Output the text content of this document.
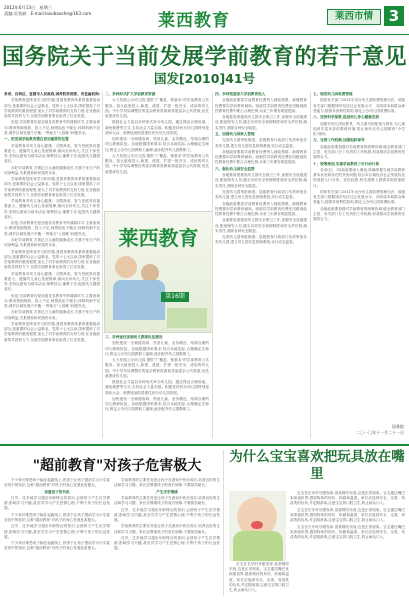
2012年6月13日　星期三
责编:吴英斌　E-mail:laixibaoshe@163.com	莱西教育	莱西市情	3
国务院关于当前发展学前教育的若干意见
国发[2010]41号

各省、自治区、直辖市人民政府,国务院各部委、各直属机构:

学前教育是终身学习的开端,是国民教育体系的重要组成部分,是重要的社会公益事业。党的十七大以来,国家提高了对学前教育的重视程度,加大了对学前教育的支持力度,在各级政府的共同努力下,全国学前教育事业取得了长足发展。

但是,学前教育仍是各级各类教育中的薄弱环节,主要表现为:教育资源短缺、投入不足,师资队伍不健全,体制机制不完善,城乡区域发展不平衡,一些地方"入园难"问题突出。

一、把发展学前教育摆在更加重要的位置

学前教育对幼儿身心健康、习惯养成、智力发展具有重要意义。遵循幼儿身心发展规律,面向全体幼儿,关注个体差异,坚持以游戏为基本活动,保教结合,寓教于乐,促进幼儿健康成长。

办好学前教育,关系亿万儿童的健康成长,关系千家万户的切身利益,关系国家和民族的未来。

学前教育是终身学习的开端,是国民教育体系的重要组成部分,是重要的社会公益事业。党的十七大以来,国家提高了对学前教育的重视程度,加大了对学前教育的支持力度,在各级政府的共同努力下,全国学前教育事业取得了长足发展。

学前教育对幼儿身心健康、习惯养成、智力发展具有重要意义。遵循幼儿身心发展规律,面向全体幼儿,关注个体差异,坚持以游戏为基本活动,保教结合,寓教于乐,促进幼儿健康成长。

但是,学前教育仍是各级各类教育中的薄弱环节,主要表现为:教育资源短缺、投入不足,师资队伍不健全,体制机制不完善,城乡区域发展不平衡,一些地方"入园难"问题突出。

办好学前教育,关系亿万儿童的健康成长,关系千家万户的切身利益,关系国家和民族的未来。

学前教育是终身学习的开端,是国民教育体系的重要组成部分,是重要的社会公益事业。党的十七大以来,国家提高了对学前教育的重视程度,加大了对学前教育的支持力度,在各级政府的共同努力下,全国学前教育事业取得了长足发展。

学前教育对幼儿身心健康、习惯养成、智力发展具有重要意义。遵循幼儿身心发展规律,面向全体幼儿,关注个体差异,坚持以游戏为基本活动,保教结合,寓教于乐,促进幼儿健康成长。

但是,学前教育仍是各级各类教育中的薄弱环节,主要表现为:教育资源短缺、投入不足,师资队伍不健全,体制机制不完善,城乡区域发展不平衡,一些地方"入园难"问题突出。

办好学前教育,关系亿万儿童的健康成长,关系千家万户的切身利益,关系国家和民族的未来。

学前教育是终身学习的开端,是国民教育体系的重要组成部分,是重要的社会公益事业。党的十七大以来,国家提高了对学前教育的重视程度,加大了对学前教育的支持力度,在各级政府的共同努力下,全国学前教育事业取得了长足发展。

二、多种形式扩大学前教育资源

大力发展公办幼儿园,提供"广覆盖、保基本"的学前教育公共服务。加大政府投入,新建、改建、扩建一批安全、适用的幼儿园。中小学布局调整后的富余教育资源和其他富余公共资源,优先改建成幼儿园。

鼓励社会力量以多种形式举办幼儿园。通过保证合理用地、减免税费等方式,支持社会力量办园。积极扶持民办幼儿园特别是面向大众、收费较低的普惠性民办幼儿园发展。

加快建设一支师德高尚、热爱儿童、业务精良、结构合理的幼儿教师队伍。各地根据国家要求,结合本地实际,合理确定生师比,核定公办幼儿园教职工编制,逐步配齐幼儿园教职工。

大力发展公办幼儿园,提供"广覆盖、保基本"的学前教育公共服务。加大政府投入,新建、改建、扩建一批安全、适用的幼儿园。中小学布局调整后的富余教育资源和其他富余公共资源,优先改建成幼儿园。

莱西教育
第16期

三、多种途径加强幼儿教师队伍建设

加快建设一支师德高尚、热爱儿童、业务精良、结构合理的幼儿教师队伍。各地根据国家要求,结合本地实际,合理确定生师比,核定公办幼儿园教职工编制,逐步配齐幼儿园教职工。

大力发展公办幼儿园,提供"广覆盖、保基本"的学前教育公共服务。加大政府投入,新建、改建、扩建一批安全、适用的幼儿园。中小学布局调整后的富余教育资源和其他富余公共资源,优先改建成幼儿园。

鼓励社会力量以多种形式举办幼儿园。通过保证合理用地、减免税费等方式,支持社会力量办园。积极扶持民办幼儿园特别是面向大众、收费较低的普惠性民办幼儿园发展。

加快建设一支师德高尚、热爱儿童、业务精良、结构合理的幼儿教师队伍。各地根据国家要求,结合本地实际,合理确定生师比,核定公办幼儿园教职工编制,逐步配齐幼儿园教职工。

四、多种渠道加大学前教育投入

各级政府要将学前教育经费列入财政预算。新增教育经费要向学前教育倾斜。财政性学前教育经费在同级财政性教育经费中要占合理比例,未来三年要有明显提高。

各地要高度重视幼儿园安全保卫工作,加强安全设施建设,配备保安人员,健全各项安全管理制度和安全责任制,落实责任,消除各种安全隐患。

五、加强幼儿园准入管理

完善幼儿园审批制度。县级教育行政部门负责审批各类幼儿园,建立幼儿园信息管理系统,实行动态监管。

各级政府要将学前教育经费列入财政预算。新增教育经费要向学前教育倾斜。财政性学前教育经费在同级财政性教育经费中要占合理比例,未来三年要有明显提高。

六、强化幼儿园安全监管

各地要高度重视幼儿园安全保卫工作,加强安全设施建设,配备保安人员,健全各项安全管理制度和安全责任制,落实责任,消除各种安全隐患。

完善幼儿园审批制度。县级教育行政部门负责审批各类幼儿园,建立幼儿园信息管理系统,实行动态监管。

各级政府要将学前教育经费列入财政预算。新增教育经费要向学前教育倾斜。财政性学前教育经费在同级财政性教育经费中要占合理比例,未来三年要有明显提高。

各地要高度重视幼儿园安全保卫工作,加强安全设施建设,配备保安人员,健全各项安全管理制度和安全责任制,落实责任,消除各种安全隐患。

完善幼儿园审批制度。县级教育行政部门负责审批各类幼儿园,建立幼儿园信息管理系统,实行动态监管。

七、规范幼儿园收费管理

国家有关部门2011年出台幼儿园收费管理办法。省级有关部门根据城乡经济社会发展水平、办园成本和群众承受能力,按照非营利性原则,制定公办幼儿园收费标准。

八、坚持科学保教,促进幼儿身心健康发展

加强对幼儿园玩教具、幼儿图书的配备与指导,为儿童创设丰富多彩的教育环境,防止和纠正幼儿园教育"小学化"倾向。

九、完善工作机制,加强组织领导

各级政府要加强对学前教育的统筹协调,健全教育部门主管、有关部门分工负责的工作机制,形成推动学前教育发展的合力。

十、统筹规划,实施学前教育三年行动计划

各省(区、市)政府要深入调查,准确掌握当地学前教育基本状况和存在的突出问题,结合本区域经济社会发展状况和适龄人口分布、变化趋势,科学测算入园需求和供需缺口。

国家有关部门2011年出台幼儿园收费管理办法。省级有关部门根据城乡经济社会发展水平、办园成本和群众承受能力,按照非营利性原则,制定公办幼儿园收费标准。

各级政府要加强对学前教育的统筹协调,健全教育部门主管、有关部门分工负责的工作机制,形成推动学前教育发展的合力。

国务院
二〇一〇年十一月二十一日
"超前教育"对孩子危害极大

不少家长唯恐孩子输在起跑线上,热衷于让孩子提前学习小学甚至初中的知识,这种"超前教育"对孩子的身心发展危害极大。

加重孩子的负担

过早、过多地学习超出年龄特点的知识,会使孩子产生厌学情绪,影响学习兴趣,甚至对学习产生恐惧心理,不利于孩子的长远发展。

不少家长唯恐孩子输在起跑线上,热衷于让孩子提前学习小学甚至初中的知识,这种"超前教育"对孩子的身心发展危害极大。

过早、过多地学习超出年龄特点的知识,会使孩子产生厌学情绪,影响学习兴趣,甚至对学习产生恐惧心理,不利于孩子的长远发展。

不少家长唯恐孩子输在起跑线上,热衷于让孩子提前学习小学甚至初中的知识,这种"超前教育"对孩子的身心发展危害极大。

学前教育的主要任务是让孩子在游戏中快乐成长,培养良好的生活和学习习惯。家长应尊重孩子的成长规律,不要拔苗助长。

产生厌学情绪

学前教育的主要任务是让孩子在游戏中快乐成长,培养良好的生活和学习习惯。家长应尊重孩子的成长规律,不要拔苗助长。

过早、过多地学习超出年龄特点的知识,会使孩子产生厌学情绪,影响学习兴趣,甚至对学习产生恐惧心理,不利于孩子的长远发展。

学前教育的主要任务是让孩子在游戏中快乐成长,培养良好的生活和学习习惯。家长应尊重孩子的成长规律,不要拔苗助长。

过早、过多地学习超出年龄特点的知识,会使孩子产生厌学情绪,影响学习兴趣,甚至对学习产生恐惧心理,不利于孩子的长远发展。

为什么宝宝喜欢把玩具放在嘴里

宝宝在长牙时牙龈发痒,喜欢啃咬东西,这是正常现象。宝宝通过嘴巴来探索世界,感知物体的形状、软硬和温度。家长应选择安全、无毒、易清洗的玩具,并定期消毒,注意宝宝的口腔卫生,防止病从口入。

宝宝在长牙时牙龈发痒,喜欢啃咬东西,这是正常现象。宝宝通过嘴巴来探索世界,感知物体的形状、软硬和温度。家长应选择安全、无毒、易清洗的玩具,并定期消毒,注意宝宝的口腔卫生,防止病从口入。

宝宝在长牙时牙龈发痒,喜欢啃咬东西,这是正常现象。宝宝通过嘴巴来探索世界,感知物体的形状、软硬和温度。家长应选择安全、无毒、易清洗的玩具,并定期消毒,注意宝宝的口腔卫生,防止病从口入。

宝宝在长牙时牙龈发痒,喜欢啃咬东西,这是正常现象。宝宝通过嘴巴来探索世界,感知物体的形状、软硬和温度。家长应选择安全、无毒、易清洗的玩具,并定期消毒,注意宝宝的口腔卫生,防止病从口入。
